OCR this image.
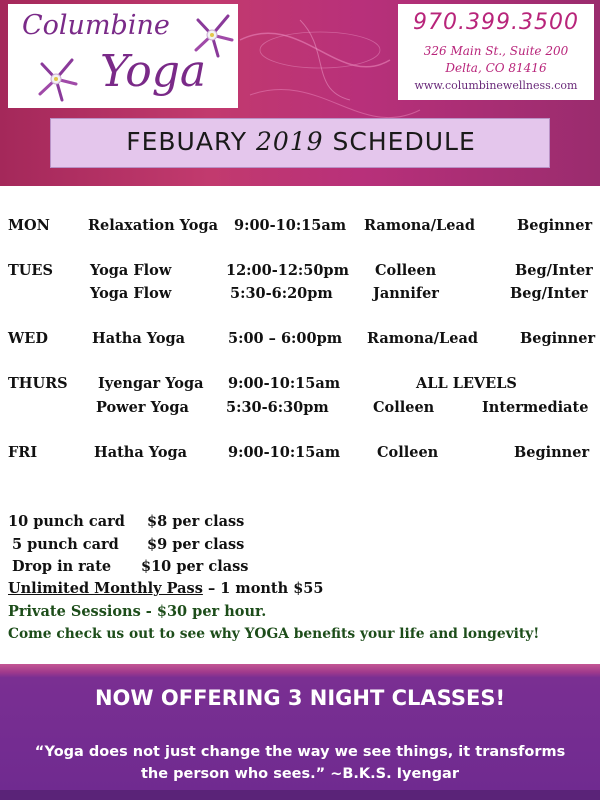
Columbine
Yoga
970.399.3500
326 Main St., Suite 200
Delta, CO 81416
www.columbinewellness.com
FEBUARY 2019 SCHEDULE
MON	Relaxation Yoga 9:00-10:15am Ramona/Lead	Beginner
TUES	Yoga Flow	12:00-12:50pm Colleen	Beg/Inter
Yoga Flow	5:30-6:20pm	Jannifer	Beg/Inter
WED	Hatha Yoga	5:00 – 6:00pm Ramona/Lead	Beginner
THURS Iyengar Yoga 9:00-10:15am	ALL LEVELS
Power Yoga	5:30-6:30pm	Colleen	Intermediate
FRI	Hatha Yoga	9:00-10:15am	Colleen	Beginner
10 punch card $8 per class
5 punch card $9 per class
Drop in rate $10 per class
Unlimited Monthly Pass – 1 month $55
Private Sessions - $30 per hour.
Come check us out to see why YOGA benefits your life and longevity!
NOW OFFERING 3 NIGHT CLASSES!
“Yoga does not just change the way we see things, it transforms
the person who sees.” ~B.K.S. Iyengar
